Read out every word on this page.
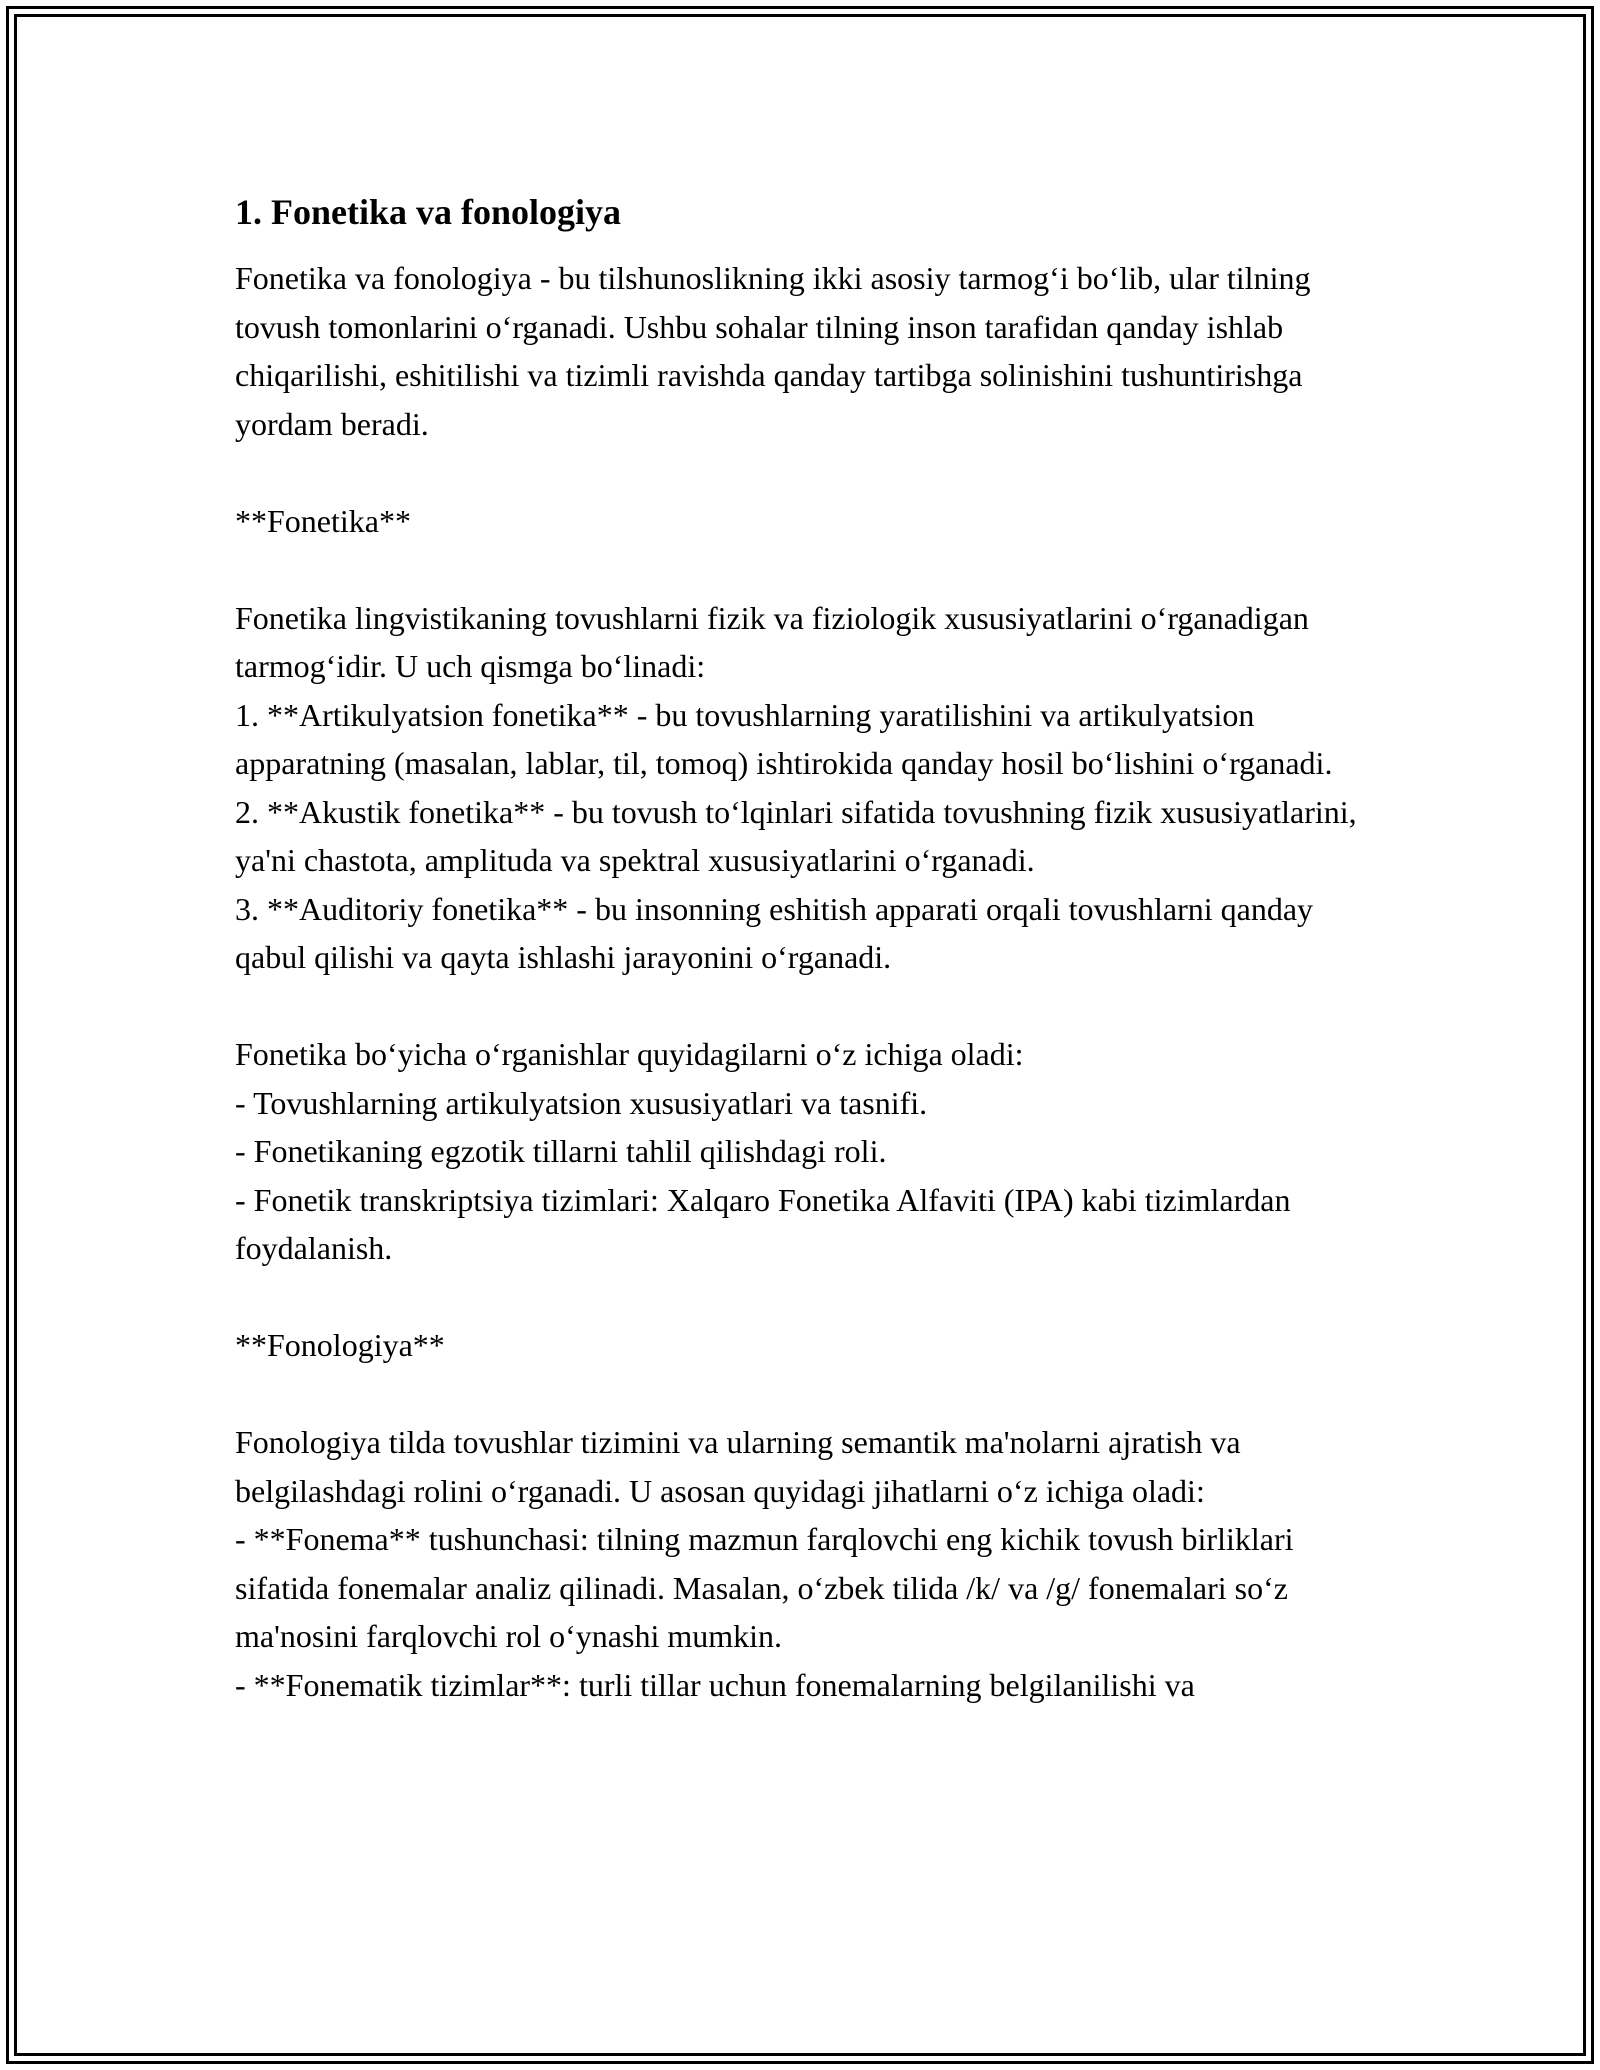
1. Fonetika va fonologiya

Fonetika va fonologiya - bu tilshunoslikning ikki asosiy tarmog‘i bo‘lib, ular tilning tovush tomonlarini o‘rganadi. Ushbu sohalar tilning inson tarafidan qanday ishlab chiqarilishi, eshitilishi va tizimli ravishda qanday tartibga solinishini tushuntirishga yordam beradi.

**Fonetika**

Fonetika lingvistikaning tovushlarni fizik va fiziologik xususiyatlarini o‘rganadigan tarmog‘idir. U uch qismga bo‘linadi:

1. **Artikulyatsion fonetika** - bu tovushlarning yaratilishini va artikulyatsion apparatning (masalan, lablar, til, tomoq) ishtirokida qanday hosil bo‘lishini o‘rganadi.

2. **Akustik fonetika** - bu tovush to‘lqinlari sifatida tovushning fizik xususiyatlarini, ya'ni chastota, amplituda va spektral xususiyatlarini o‘rganadi.

3. **Auditoriy fonetika** - bu insonning eshitish apparati orqali tovushlarni qanday qabul qilishi va qayta ishlashi jarayonini o‘rganadi.

Fonetika bo‘yicha o‘rganishlar quyidagilarni o‘z ichiga oladi:

- Tovushlarning artikulyatsion xususiyatlari va tasnifi.

- Fonetikaning egzotik tillarni tahlil qilishdagi roli.

- Fonetik transkriptsiya tizimlari: Xalqaro Fonetika Alfaviti (IPA) kabi tizimlardan foydalanish.

**Fonologiya**

Fonologiya tilda tovushlar tizimini va ularning semantik ma'nolarni ajratish va belgilashdagi rolini o‘rganadi. U asosan quyidagi jihatlarni o‘z ichiga oladi:

- **Fonema** tushunchasi: tilning mazmun farqlovchi eng kichik tovush birliklari sifatida fonemalar analiz qilinadi. Masalan, o‘zbek tilida /k/ va /g/ fonemalari so‘z ma'nosini farqlovchi rol o‘ynashi mumkin.

- **Fonematik tizimlar**: turli tillar uchun fonemalarning belgilanilishi va
